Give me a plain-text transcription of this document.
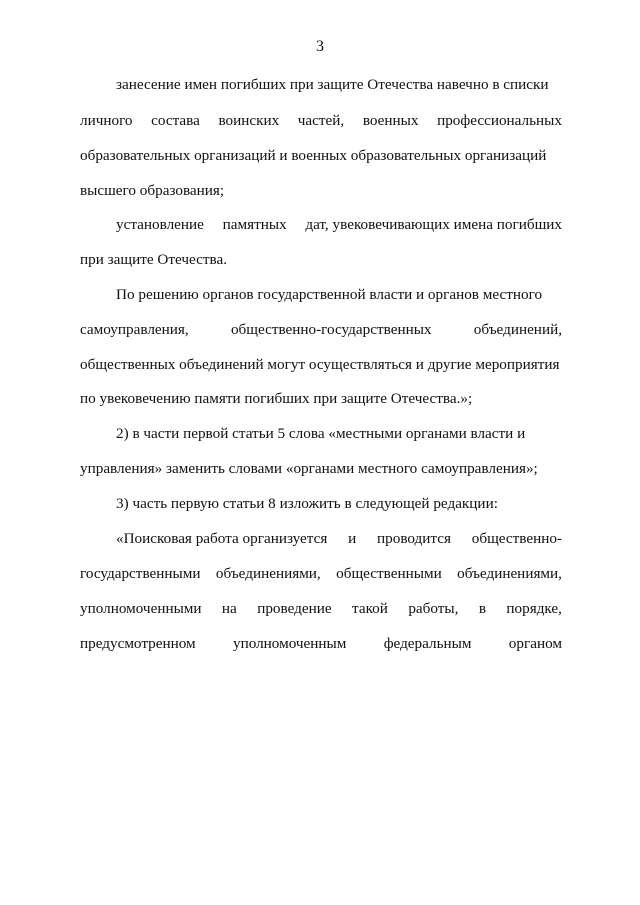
3
занесение имен погибших при защите Отечества навечно в списки
личного состава воинских частей, военных профессиональных
образовательных организаций и военных образовательных организаций
высшего образования;
установление памятных дат, увековечивающих имена погибших
при защите Отечества.
По решению органов государственной власти и органов местного
самоуправления,	общественно-государственных	объединений,
общественных объединений могут осуществляться и другие мероприятия
по увековечению памяти погибших при защите Отечества.»;
2) в части первой статьи 5 слова «местными органами власти и
управления» заменить словами «органами местного самоуправления»;
3) часть первую статьи 8 изложить в следующей редакции:
«Поисковая работа организуется и проводится общественно-
государственными объединениями, общественными объединениями,
уполномоченными на проведение такой работы, в порядке,
предусмотренном уполномоченным федеральным органом
